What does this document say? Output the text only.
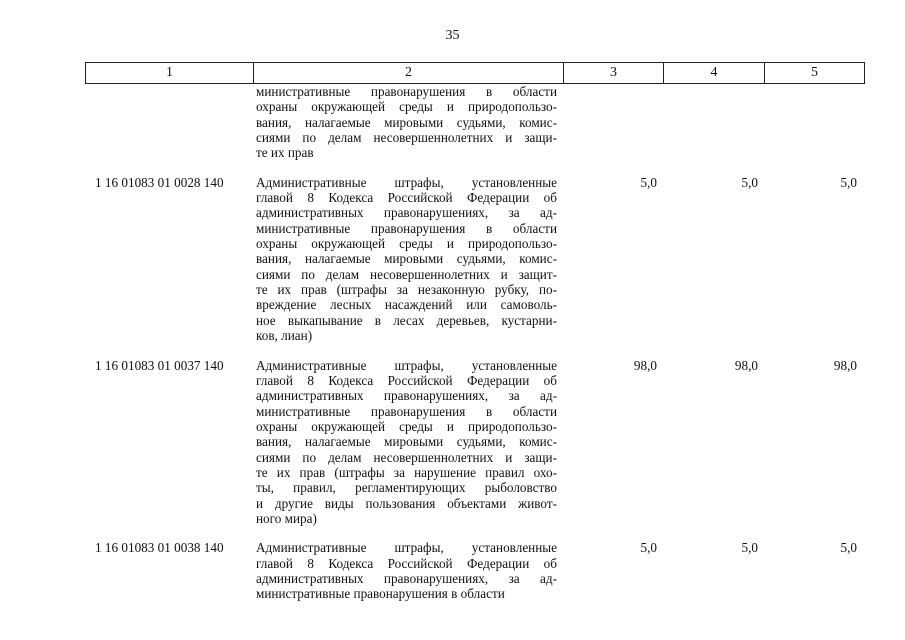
35
1	2	3	4	5
министративные правонарушения в области
охраны окружающей среды и природопользо-
вания, налагаемые мировыми судьями, комис-
сиями по делам несовершеннолетних и защи-
те их прав
1 16 01083 01 0028 140	Административные штрафы, установленные
главой 8 Кодекса Российской Федерации об
административных правонарушениях, за ад-
министративные правонарушения в области
охраны окружающей среды и природопользо-
вания, налагаемые мировыми судьями, комис-
сиями по делам несовершеннолетних и защит-
те их прав (штрафы за незаконную рубку, по-
вреждение лесных насаждений или самоволь-
ное выкапывание в лесах деревьев, кустарни-
ков, лиан)
5,0	5,0	5,0
1 16 01083 01 0037 140	Административные штрафы, установленные
главой 8 Кодекса Российской Федерации об
административных правонарушениях, за ад-
министративные правонарушения в области
охраны окружающей среды и природопользо-
вания, налагаемые мировыми судьями, комис-
сиями по делам несовершеннолетних и защи-
те их прав (штрафы за нарушение правил охо-
ты, правил, регламентирующих рыболовство
и другие виды пользования объектами живот-
ного мира)
98,0	98,0	98,0
1 16 01083 01 0038 140	Административные штрафы, установленные
главой 8 Кодекса Российской Федерации об
административных правонарушениях, за ад-
министративные правонарушения в области
5,0	5,0	5,0
